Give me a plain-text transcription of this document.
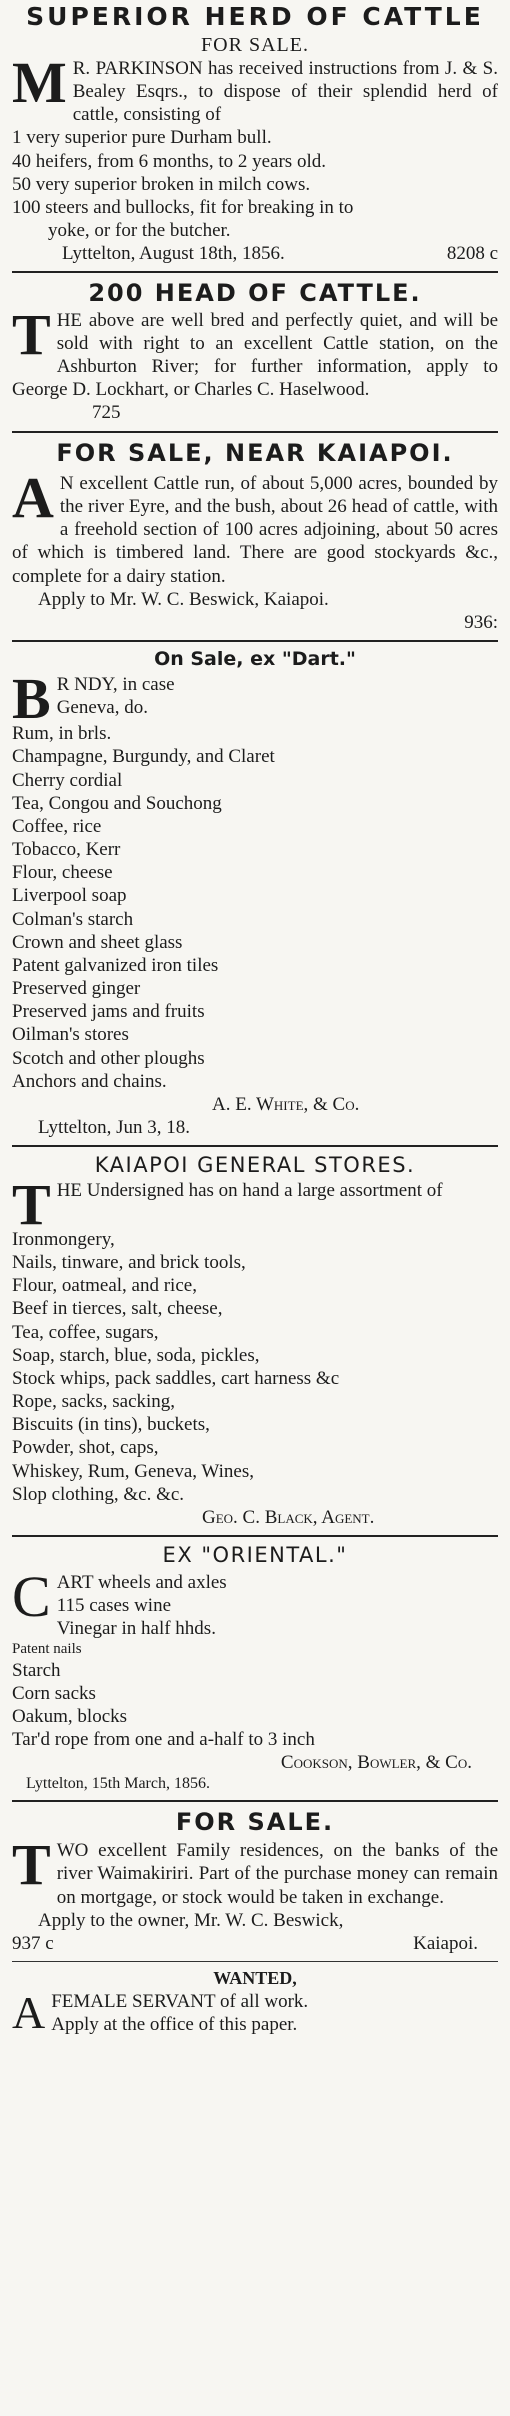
SUPERIOR HERD OF CATTLE
FOR SALE.

M R. PARKINSON has received instructions from J. & S. Bealey Esqrs., to dispose of their splendid herd of cattle, consisting of

1 very superior pure Durham bull.
40 heifers, from 6 months, to 2 years old.
50 very superior broken in milch cows.
100 steers and bullocks, fit for breaking in to
yoke, or for the butcher.
Lyttelton, August 18th, 1856.	8208 c
200 HEAD OF CATTLE.

THE above are well bred and perfectly quiet, and will be sold with right to an excellent Cattle station, on the Ashburton River; for further information, apply to George D. Lockhart, or Charles C. Haselwood.

725
FOR SALE, NEAR KAIAPOI.

A N excellent Cattle run, of about 5,000 acres, bounded by the river Eyre, and the bush, about 26 head of cattle, with a freehold section of 100 acres adjoining, about 50 acres of which is timbered land. There are good stockyards &c., complete for a dairy station.

Apply to Mr. W. C. Beswick, Kaiapoi.
936:
On Sale, ex "Dart."
B R NDY, in case
Geneva, do.
Rum, in brls.
Champagne, Burgundy, and Claret
Cherry cordial
Tea, Congou and Souchong
Coffee, rice
Tobacco, Kerr
Flour, cheese
Liverpool soap
Colman's starch
Crown and sheet glass
Patent galvanized iron tiles
Preserved ginger
Preserved jams and fruits
Oilman's stores
Scotch and other ploughs
Anchors and chains.
A. E. White, & Co.
Lyttelton, Jun 3, 18.
KAIAPOI GENERAL STORES.

THE Undersigned has on hand a large assortment of

Ironmongery,
Nails, tinware, and brick tools,
Flour, oatmeal, and rice,
Beef in tierces, salt, cheese,
Tea, coffee, sugars,
Soap, starch, blue, soda, pickles,
Stock whips, pack saddles, cart harness &c
Rope, sacks, sacking,
Biscuits (in tins), buckets,
Powder, shot, caps,
Whiskey, Rum, Geneva, Wines,
Slop clothing, &c. &c.
Geo. C. Black, Agent.
EX "ORIENTAL."
CART wheels and axles
115 cases wine
Vinegar in half hhds.
Patent nails
Starch
Corn sacks
Oakum, blocks
Tar'd rope from one and a-half to 3 inch
Cookson, Bowler, & Co.
Lyttelton, 15th March, 1856.
FOR SALE.

TWO excellent Family residences, on the banks of the river Waimakiriri. Part of the purchase money can remain on mortgage, or stock would be taken in exchange.

Apply to the owner, Mr. W. C. Beswick,
937 c	Kaiapoi.
WANTED,
A FEMALE SERVANT of all work.
Apply at the office of this paper.
